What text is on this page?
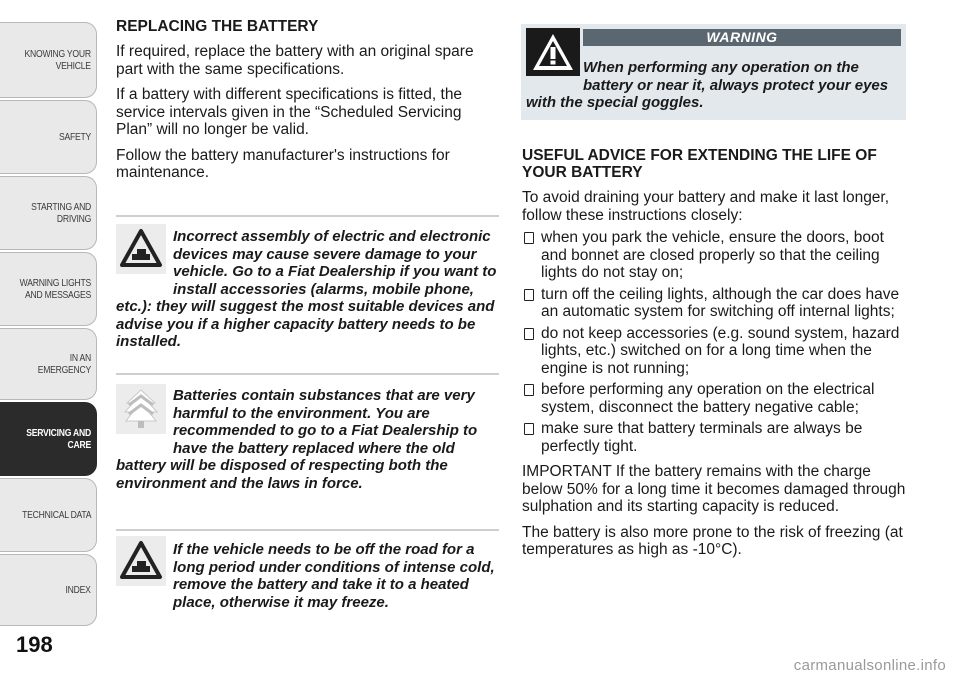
KNOWING YOUR
VEHICLE
SAFETY
STARTING AND
DRIVING
WARNING LIGHTS
AND MESSAGES
IN AN EMERGENCY
SERVICING AND
CARE
TECHNICAL DATA
INDEX
198
REPLACING THE BATTERY

If required, replace the battery with an original spare part with the same specifications.

If a battery with different specifications is fitted, the service intervals given in the “Scheduled Servicing Plan” will no longer be valid.

Follow the battery manufacturer's instructions for maintenance.

Incorrect assembly of electric and electronic devices may cause severe damage to your vehicle. Go to a Fiat Dealership if you want to install accessories (alarms, mobile phone, etc.): they will suggest the most suitable devices and advise you if a higher capacity battery needs to be installed.
Batteries contain substances that are very harmful to the environment. You are recommended to go to a Fiat Dealership to have the battery replaced where the old battery will be disposed of respecting both the environment and the laws in force.
If the vehicle needs to be off the road for a long period under conditions of intense cold, remove the battery and take it to a heated place, otherwise it may freeze.
WARNING
When performing any operation on the battery or near it, always protect your eyes with the special goggles.
USEFUL ADVICE FOR EXTENDING THE LIFE OF YOUR BATTERY

To avoid draining your battery and make it last longer, follow these instructions closely:

when you park the vehicle, ensure the doors, boot and bonnet are closed properly so that the ceiling lights do not stay on;
turn off the ceiling lights, although the car does have an automatic system for switching off internal lights;
do not keep accessories (e.g. sound system, hazard lights, etc.) switched on for a long time when the engine is not running;
before performing any operation on the electrical system, disconnect the battery negative cable;
make sure that battery terminals are always be perfectly tight.

IMPORTANT If the battery remains with the charge below 50% for a long time it becomes damaged through sulphation and its starting capacity is reduced.

The battery is also more prone to the risk of freezing (at temperatures as high as -10°C).

carmanualsonline.info
